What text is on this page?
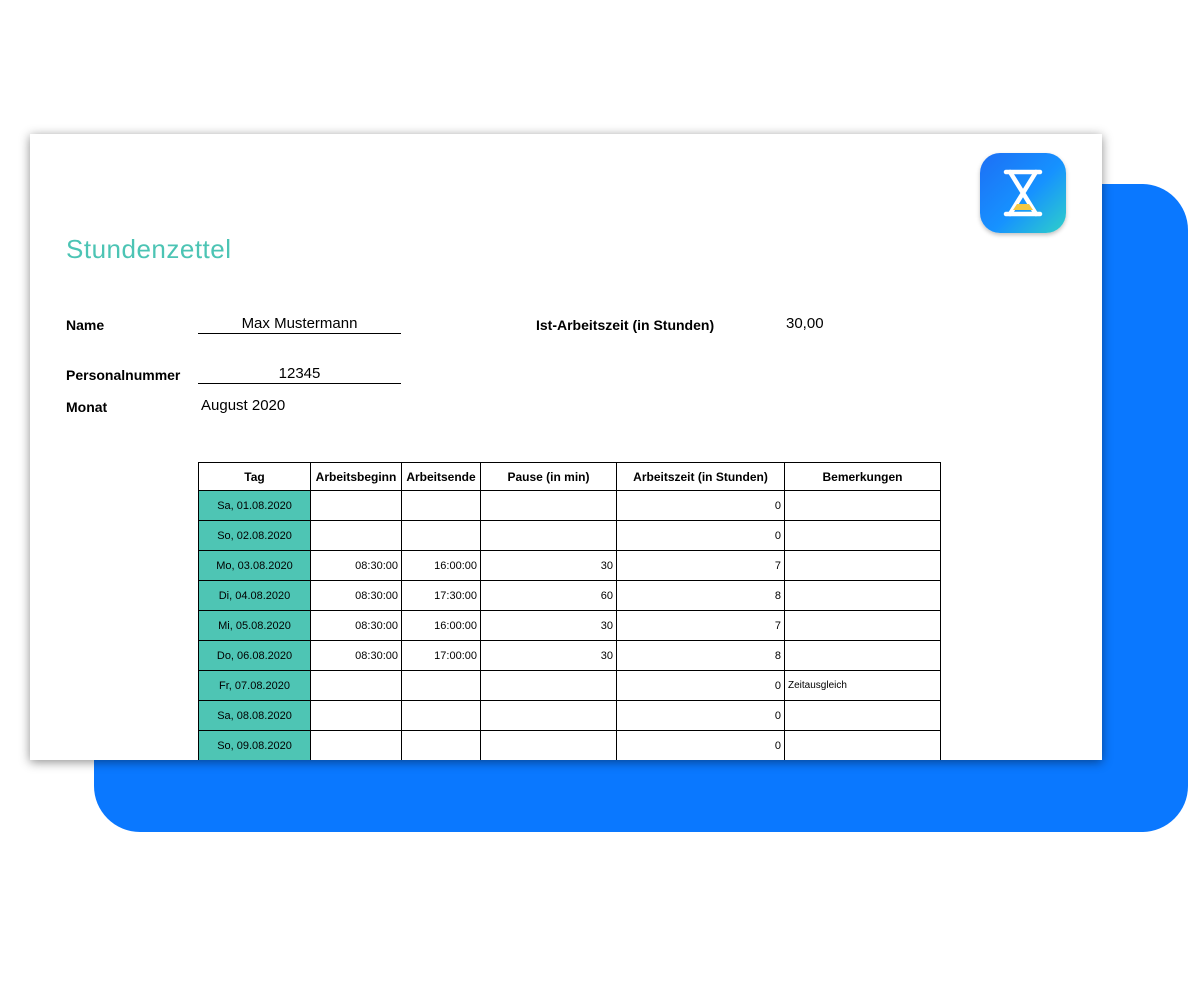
Stundenzettel
Name	Max Mustermann	Ist-Arbeitszeit (in Stunden)	30,00
Personalnummer	12345
Monat	August 2020
Tag	Arbeitsbeginn	Arbeitsende	Pause (in min)	Arbeitszeit (in Stunden)	Bemerkungen
Sa, 01.08.2020				0	
So, 02.08.2020				0	
Mo, 03.08.2020	08:30:00	16:00:00	30	7	
Di, 04.08.2020	08:30:00	17:30:00	60	8	
Mi, 05.08.2020	08:30:00	16:00:00	30	7	
Do, 06.08.2020	08:30:00	17:00:00	30	8	
Fr, 07.08.2020				0	Zeitausgleich
Sa, 08.08.2020				0	
So, 09.08.2020				0	
